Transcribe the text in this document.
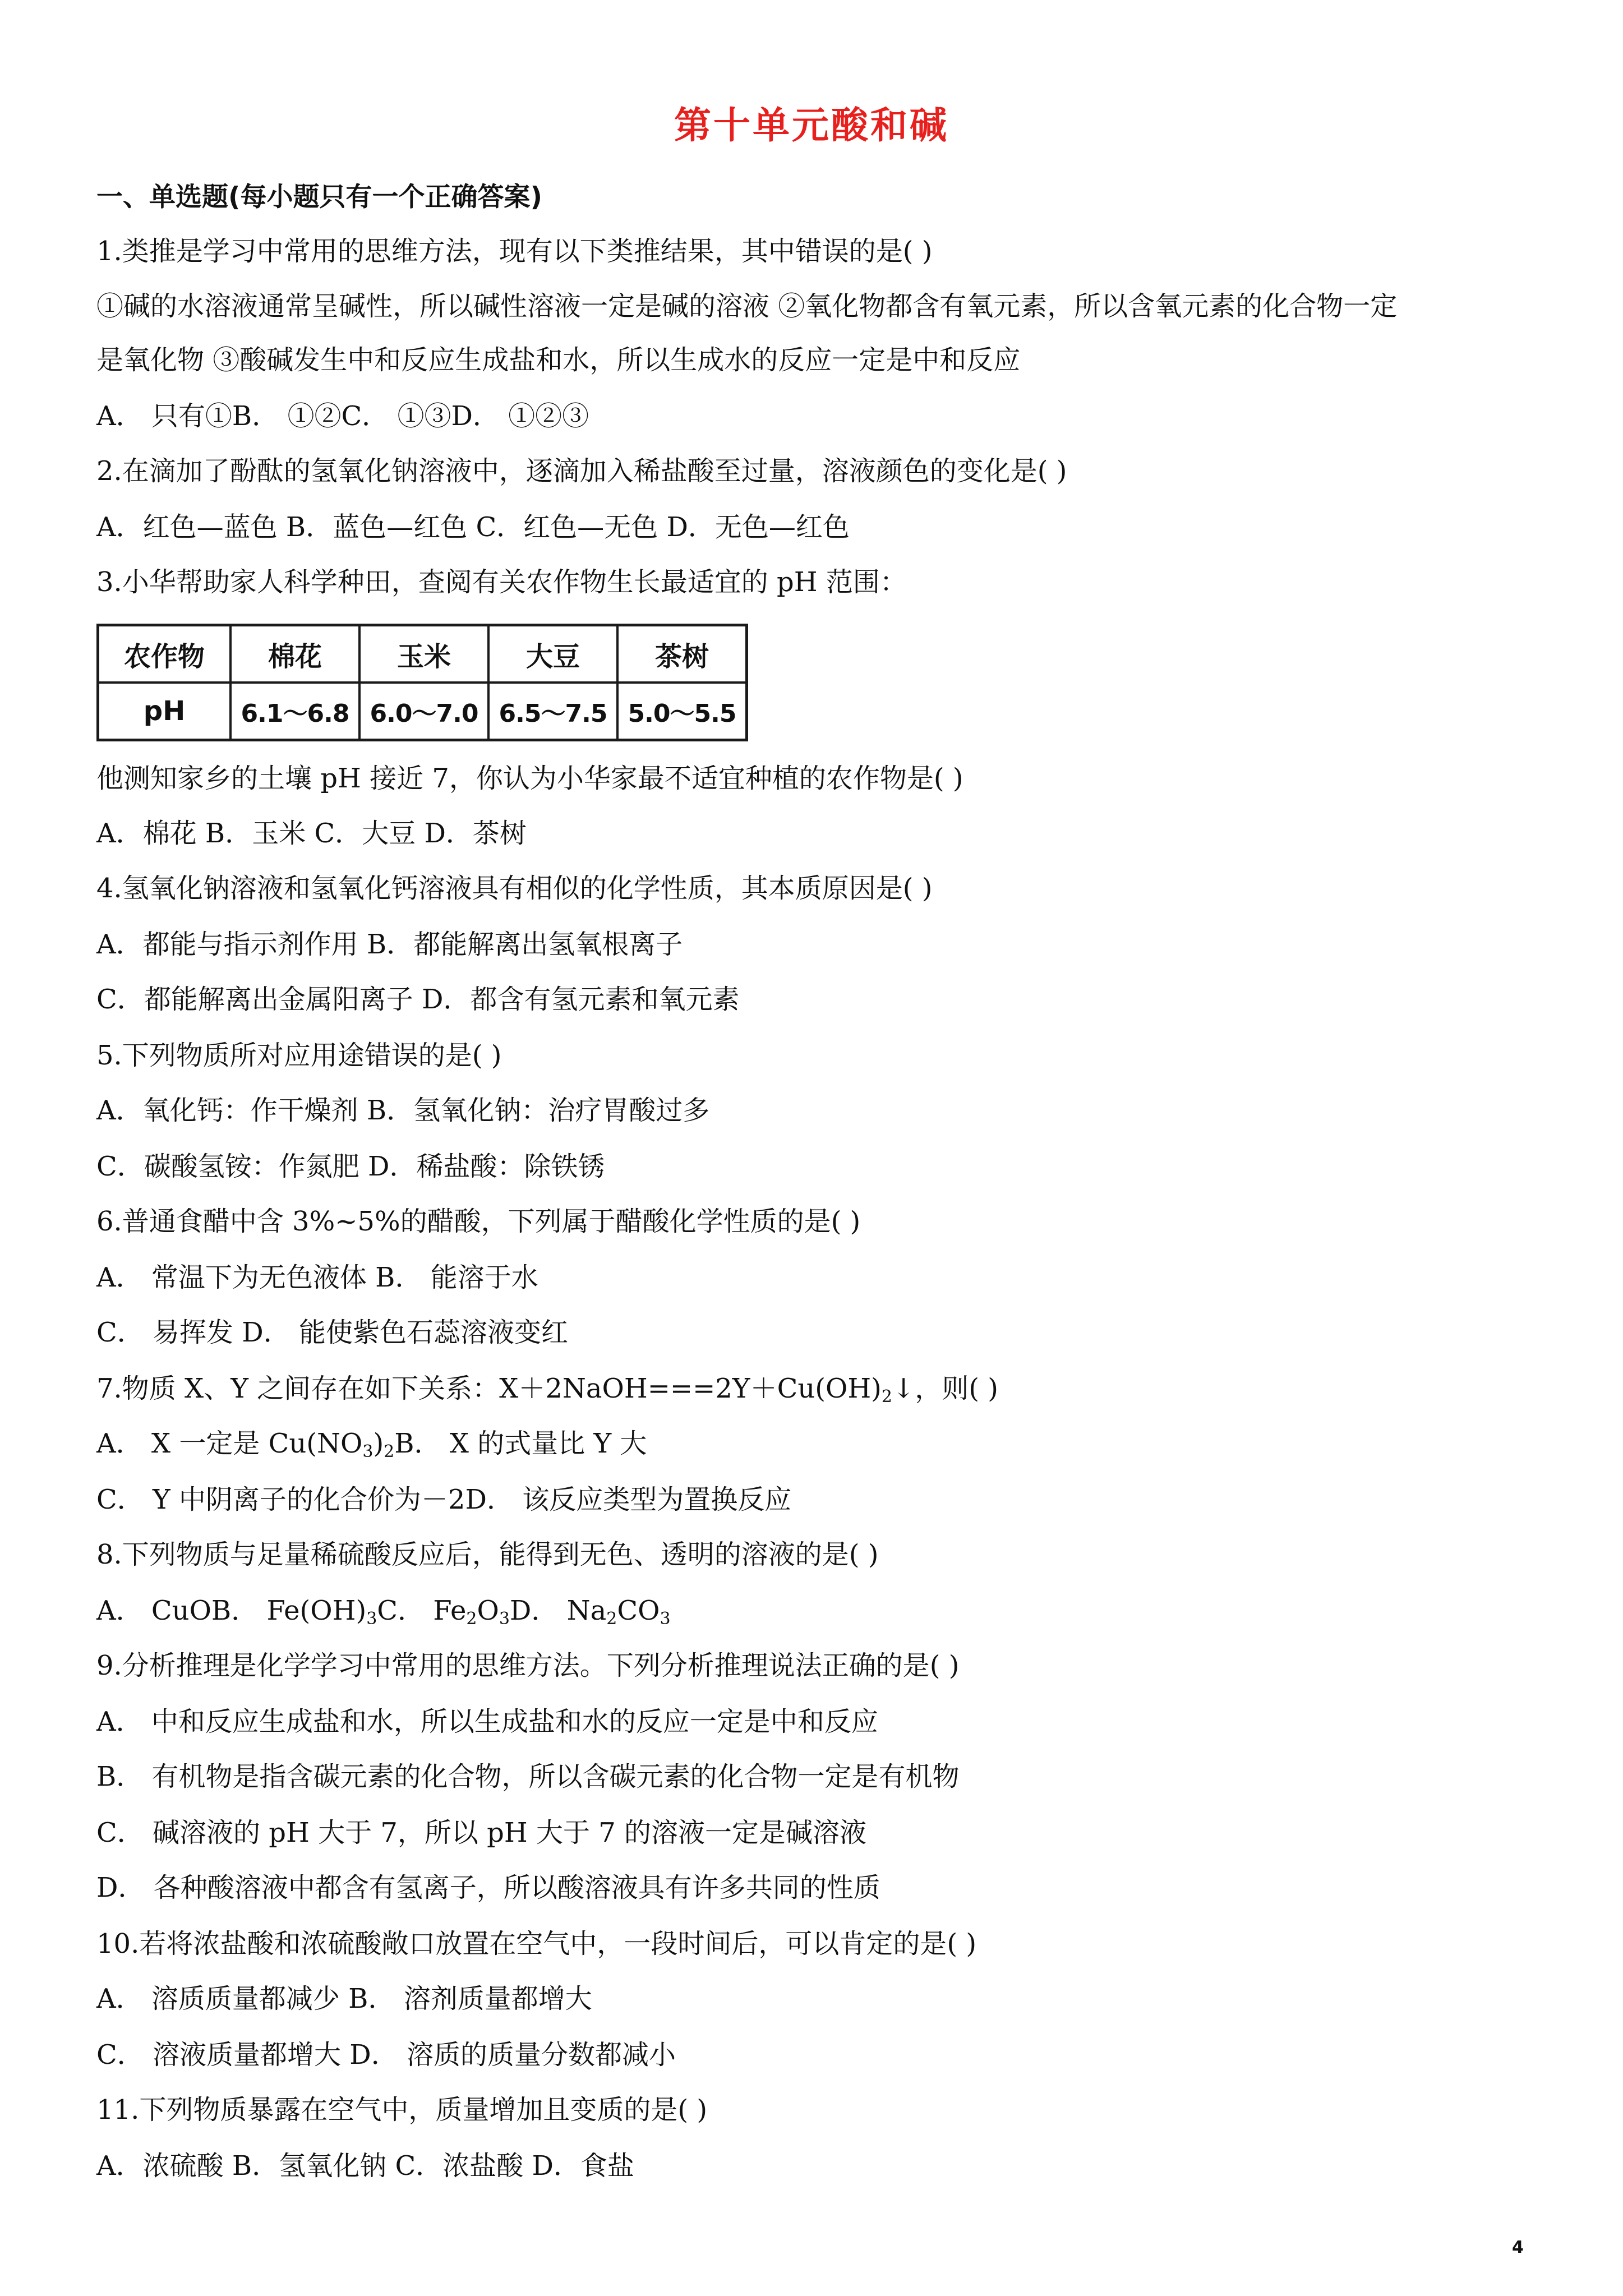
第十单元酸和碱
一、单选题(每小题只有一个正确答案)
1.类推是学习中常用的思维方法，现有以下类推结果，其中错误的是( )
①碱的水溶液通常呈碱性，所以碱性溶液一定是碱的溶液 ②氧化物都含有氧元素，所以含氧元素的化合物一定
是氧化物 ③酸碱发生中和反应生成盐和水，所以生成水的反应一定是中和反应
A． 只有①B． ①②C． ①③D． ①②③
2.在滴加了酚酞的氢氧化钠溶液中，逐滴加入稀盐酸至过量，溶液颜色的变化是( )
A．红色—蓝色 B．蓝色—红色 C．红色—无色 D．无色—红色
3.小华帮助家人科学种田，查阅有关农作物生长最适宜的 pH 范围：
农作物	棉花	玉米	大豆	茶树
pH	6.1～6.8	6.0～7.0	6.5～7.5	5.0～5.5
他测知家乡的土壤 pH 接近 7，你认为小华家最不适宜种植的农作物是( )
A．棉花 B．玉米 C．大豆 D．茶树
4.氢氧化钠溶液和氢氧化钙溶液具有相似的化学性质，其本质原因是( )
A．都能与指示剂作用 B．都能解离出氢氧根离子
C．都能解离出金属阳离子 D．都含有氢元素和氧元素
5.下列物质所对应用途错误的是( )
A．氧化钙：作干燥剂 B．氢氧化钠：治疗胃酸过多
C．碳酸氢铵：作氮肥 D．稀盐酸：除铁锈
6.普通食醋中含 3%~5%的醋酸，下列属于醋酸化学性质的是( )
A． 常温下为无色液体 B． 能溶于水
C． 易挥发 D． 能使紫色石蕊溶液变红
7.物质 X、Y 之间存在如下关系：$X+2NaOH===2Y+Cu(OH)_2↓$，则( )
A． X 一定是 $Cu(NO_3)_2B$． X 的式量比 Y 大
C． Y 中阴离子的化合价为－2D． 该反应类型为置换反应
8.下列物质与足量稀硫酸反应后，能得到无色、透明的溶液的是( )
A． CuOB． $Fe(OH)_3C$． $Fe_2O_3D$． $Na_2CO_3$
9.分析推理是化学学习中常用的思维方法。下列分析推理说法正确的是( )
A． 中和反应生成盐和水，所以生成盐和水的反应一定是中和反应
B． 有机物是指含碳元素的化合物，所以含碳元素的化合物一定是有机物
C． 碱溶液的 pH 大于 7，所以 pH 大于 7 的溶液一定是碱溶液
D． 各种酸溶液中都含有氢离子，所以酸溶液具有许多共同的性质
10.若将浓盐酸和浓硫酸敞口放置在空气中，一段时间后，可以肯定的是( )
A． 溶质质量都减少 B． 溶剂质量都增大
C． 溶液质量都增大 D． 溶质的质量分数都减小
11.下列物质暴露在空气中，质量增加且变质的是( )
A．浓硫酸 B．氢氧化钠 C．浓盐酸 D．食盐
4
